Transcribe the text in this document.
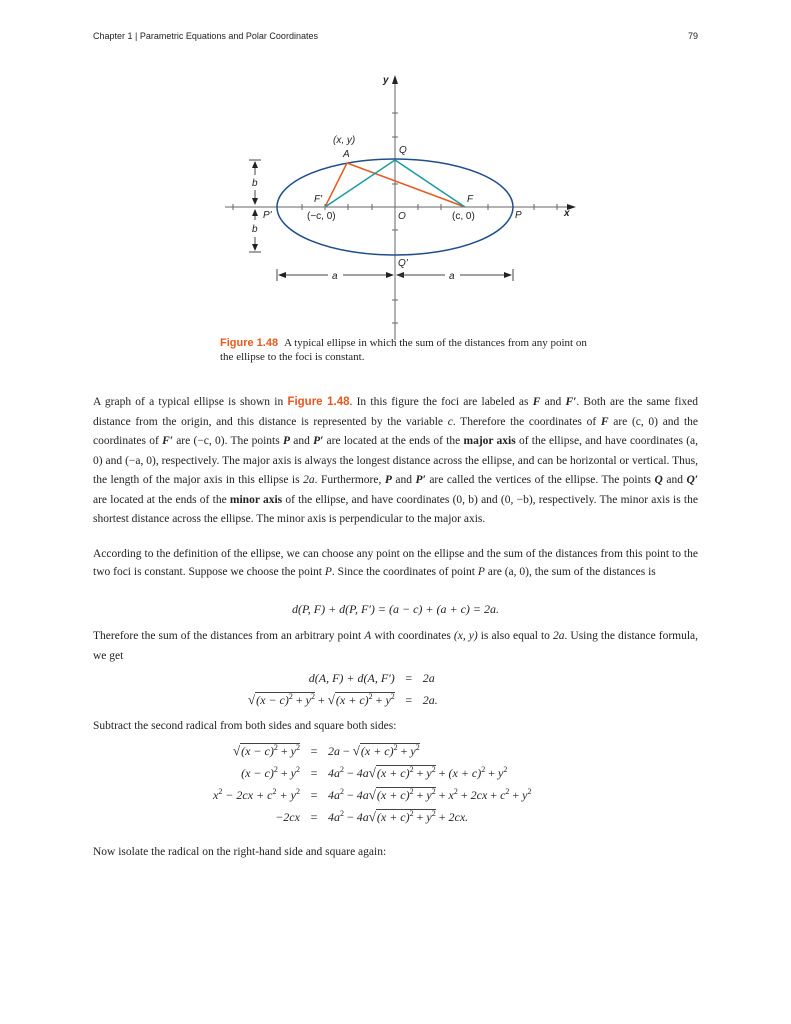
Chapter 1 | Parametric Equations and Polar Coordinates	79
y
x
(x, y)
A	Q
F'	F
P'	P
O
(−c, 0)	(c, 0)
b
b
Q'
a	a
Figure 1.48 A typical ellipse in which the sum of the distances from any point on the ellipse to the foci is constant.
A graph of a typical ellipse is shown in Figure 1.48. In this figure the foci are labeled as F and F′. Both are the same fixed distance from the origin, and this distance is represented by the variable c. Therefore the coordinates of F are (c, 0) and the coordinates of F′ are (−c, 0). The points P and P′ are located at the ends of the major axis of the ellipse, and have coordinates (a, 0) and (−a, 0), respectively. The major axis is always the longest distance across the ellipse, and can be horizontal or vertical. Thus, the length of the major axis in this ellipse is 2a. Furthermore, P and P′ are called the vertices of the ellipse. The points Q and Q′ are located at the ends of the minor axis of the ellipse, and have coordinates (0, b) and (0, −b), respectively. The minor axis is the shortest distance across the ellipse. The minor axis is perpendicular to the major axis.
According to the definition of the ellipse, we can choose any point on the ellipse and the sum of the distances from this point to the two foci is constant. Suppose we choose the point P. Since the coordinates of point P are (a, 0), the sum of the distances is
d(P, F) + d(P, F′) = (a − c) + (a + c) = 2a.
Therefore the sum of the distances from an arbitrary point A with coordinates (x, y) is also equal to 2a. Using the distance formula, we get
d(A, F) + d(A, F′)	=	2a
$√(x - c)^2 + y^2 + √(x + c)^2 + y^2$	=	2a.
Subtract the second radical from both sides and square both sides:
$√(x - c)^2 + y^2$	=	$2a - √(x + c)^2 + y^2$
$(x - c)^2 + y^2$	=	$4a^2 - 4a√(x + c)^2 + y^2 + (x + c)^2 + y^2$
$x^2 - 2cx + c^2 + y^2$	=	$4a^2 - 4a√(x + c)^2 + y^2 + x^2 + 2cx + c^2 + y^2$
−2cx	=	$4a^2 - 4a√(x + c)^2 + y^2 + 2cx$.
Now isolate the radical on the right-hand side and square again:
